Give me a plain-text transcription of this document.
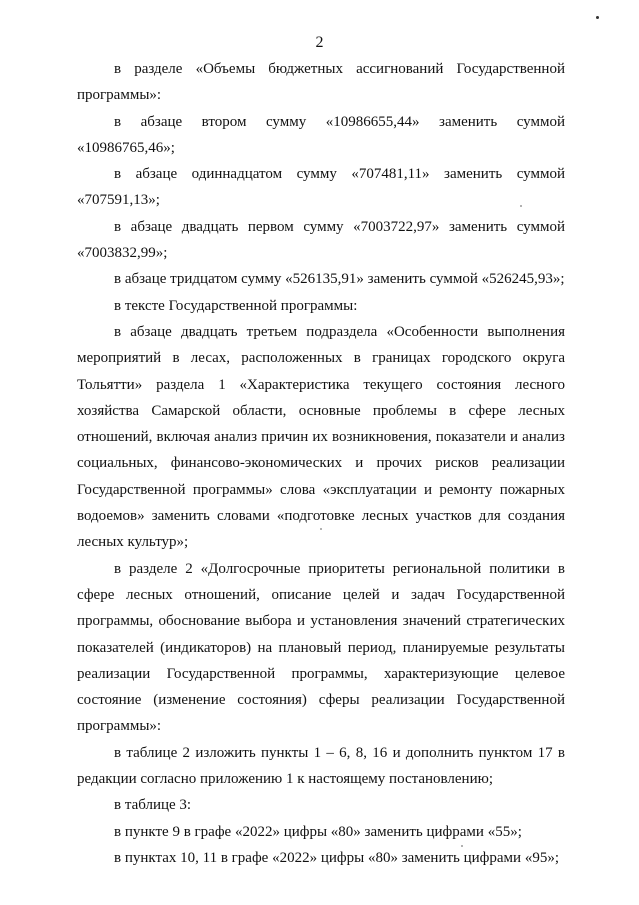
2

в разделе «Объемы бюджетных ассигнований Государственной программы»:

в абзаце втором сумму «10986655,44» заменить суммой «10986765,46»;

в абзаце одиннадцатом сумму «707481,11» заменить суммой «707591,13»;

в абзаце двадцать первом сумму «7003722,97» заменить суммой «7003832,99»;

в абзаце тридцатом сумму «526135,91» заменить суммой «526245,93»;

в тексте Государственной программы:

в абзаце двадцать третьем подраздела «Особенности выполнения мероприятий в лесах, расположенных в границах городского округа Тольятти» раздела 1 «Характеристика текущего состояния лесного хозяйства Самарской области, основные проблемы в сфере лесных отношений, включая анализ причин их возникновения, показатели и анализ социальных, финансово-экономических и прочих рисков реализации Государственной программы» слова «эксплуатации и ремонту пожарных водоемов» заменить словами «подготовке лесных участков для создания лесных культур»;

в разделе 2 «Долгосрочные приоритеты региональной политики в сфере лесных отношений, описание целей и задач Государственной программы, обоснование выбора и установления значений стратегических показателей (индикаторов) на плановый период, планируемые результаты реализации Государственной программы, характеризующие целевое состояние (изменение состояния) сферы реализации Государственной программы»:

в таблице 2 изложить пункты 1 – 6, 8, 16 и дополнить пунктом 17 в редакции согласно приложению 1 к настоящему постановлению;

в таблице 3:

в пункте 9 в графе «2022» цифры «80» заменить цифрами «55»;

в пунктах 10, 11 в графе «2022» цифры «80» заменить цифрами «95»;
